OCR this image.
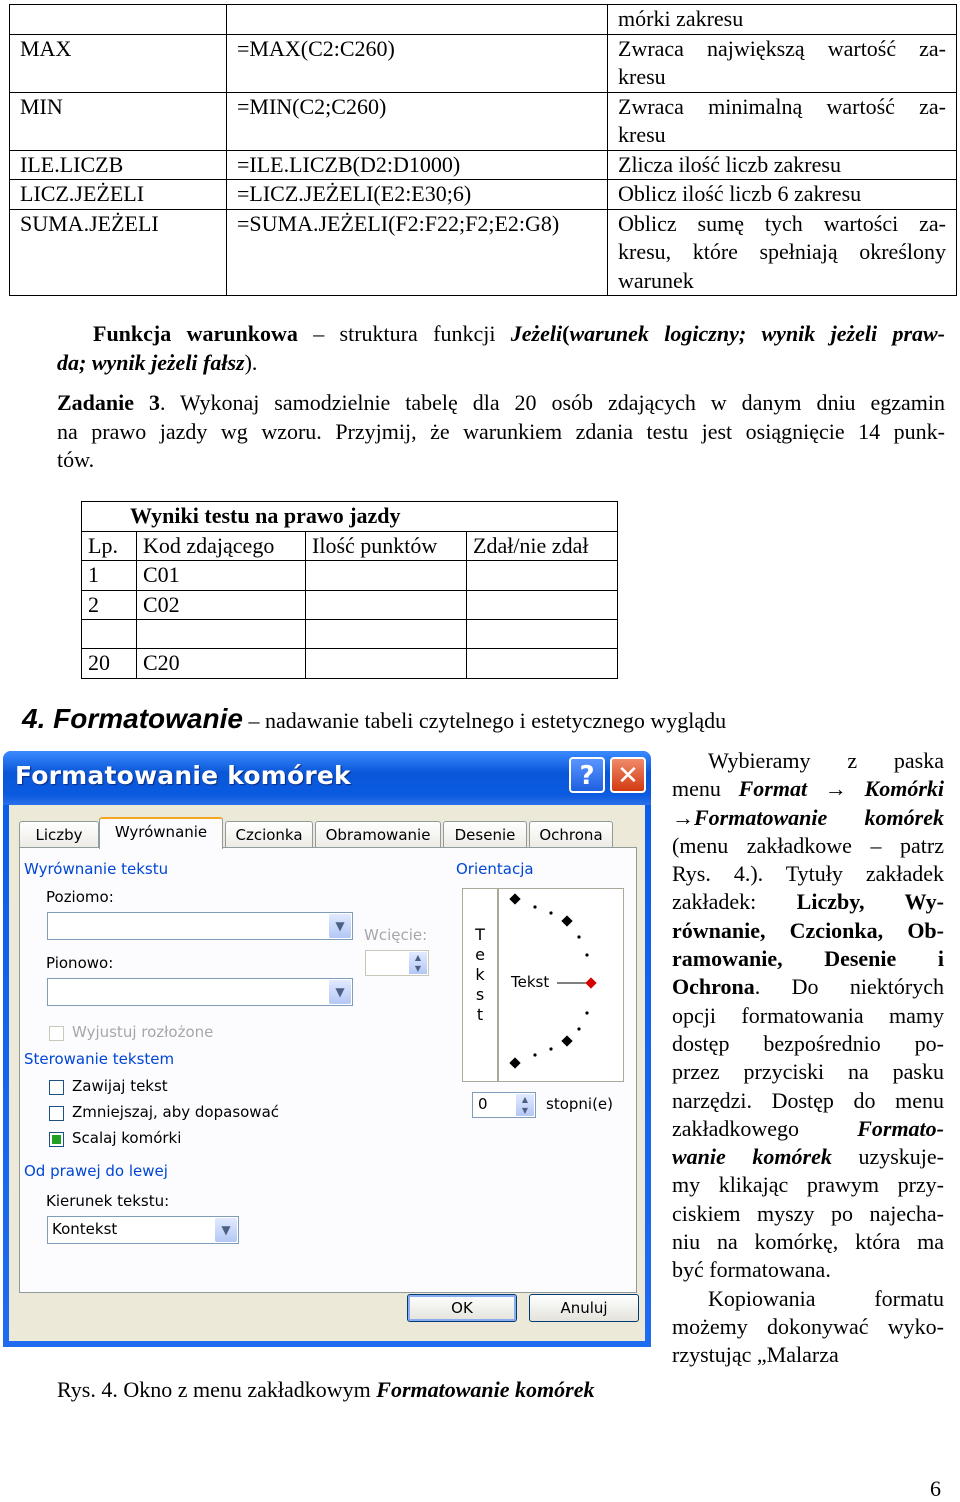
		mórki zakresu
MAX	=MAX(C2:C260)	Zwraca największą wartość za-
kresu
MIN	=MIN(C2;C260)	Zwraca minimalną wartość za-
kresu
ILE.LICZB	=ILE.LICZB(D2:D1000)	Zlicza ilość liczb zakresu
LICZ.JEŻELI	=LICZ.JEŻELI(E2:E30;6)	Oblicz ilość liczb 6 zakresu
SUMA.JEŻELI	=SUMA.JEŻELI(F2:F22;F2;E2:G8)	Oblicz sumę tych wartości za-
kresu, które spełniają określony
warunek
Funkcja warunkowa – struktura funkcji Jeżeli(warunek logiczny; wynik jeżeli praw-
da; wynik jeżeli fałsz).
Zadanie 3. Wykonaj samodzielnie tabelę dla 20 osób zdających w danym dniu egzamin
na prawo jazdy wg wzoru. Przyjmij, że warunkiem zdania testu jest osiągnięcie 14 punk-
tów.
Wyniki testu na prawo jazdy			
Lp.	Kod zdającego	Ilość punktów	Zdał/nie zdał
1	C01		
2	C02		

20	C20		
4. Formatowanie – nadawanie tabeli czytelnego i estetycznego wyglądu
Formatowanie komórek	? ✕
Liczby	Wyrównanie	Czcionka	Obramowanie	Desenie	Ochrona
Wyrównanie tekstu
Poziomo:
▼
Pionowo:
▼
Wcięcie:
▲
▼
Wyjustuj rozłożone
Sterowanie tekstem
Zawijaj tekst
Zmniejszaj, aby dopasować
Scalaj komórki
Od prawej do lewej
Kierunek tekstu:
Kontekst	▼
Orientacja
T
e
k
s
t
Tekst
0	▲
▼	stopni(e)
OK	Anuluj
Wybieramy z paska
menu Format → Komórki
→Formatowanie komórek
(menu zakładkowe – patrz
Rys. 4.). Tytuły zakładek
zakładek: Liczby, Wy-
równanie, Czcionka, Ob-
ramowanie, Desenie i
Ochrona. Do niektórych
opcji formatowania mamy
dostęp bezpośrednio po-
przez przyciski na pasku
narzędzi. Dostęp do menu
zakładkowego Formato-
wanie komórek uzyskuje-
my klikając prawym przy-
ciskiem myszy po najecha-
niu na komórkę, która ma
być formatowana.
Kopiowania formatu
możemy dokonywać wyko-
rzystując „Malarza
Rys. 4. Okno z menu zakładkowym Formatowanie komórek
6
